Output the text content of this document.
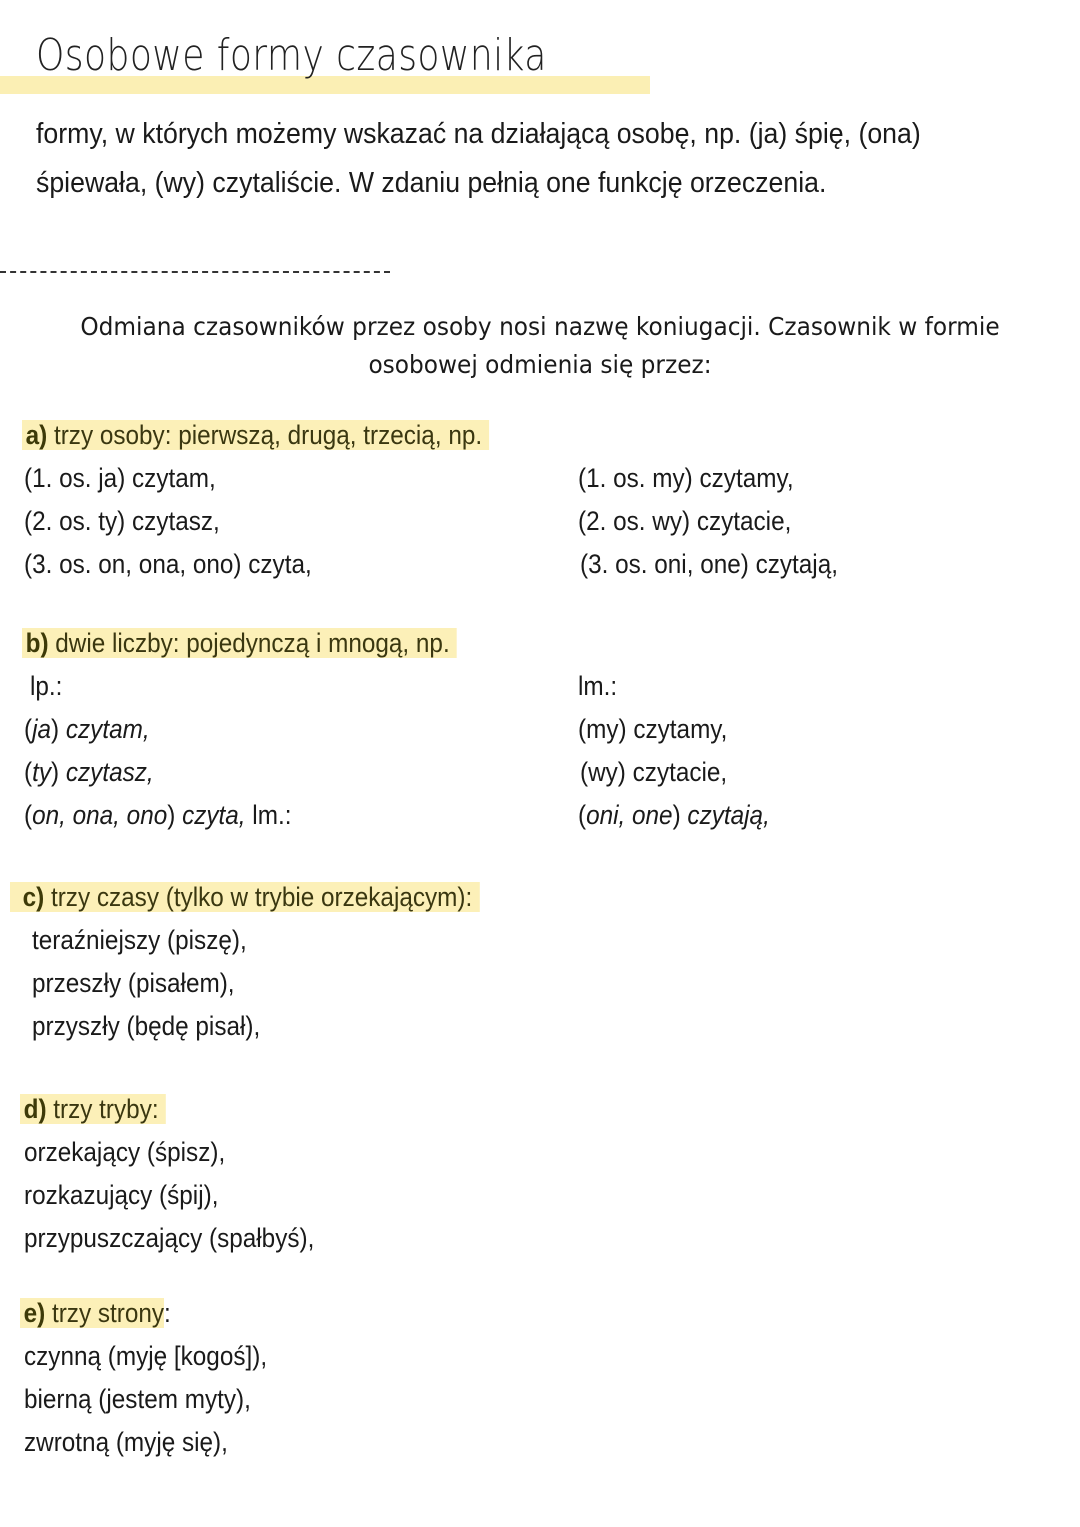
Osobowe formy czasownika
formy, w których możemy wskazać na działającą osobę, np. (ja) śpię, (ona) śpiewała, (wy) czytaliście. W zdaniu pełnią one funkcję orzeczenia.
Odmiana czasowników przez osoby nosi nazwę koniugacji. Czasownik w formie osobowej odmienia się przez:
a) trzy osoby: pierwszą, drugą, trzecią, np.
(1. os. ja) czytam,
(2. os. ty) czytasz,
(3. os. on, ona, ono) czyta,
(1. os. my) czytamy,
(2. os. wy) czytacie,
(3. os. oni, one) czytają,
b) dwie liczby: pojedynczą i mnogą, np.
lp.:	lm.:
(ja) czytam,
(ty) czytasz,
(on, ona, ono) czyta, lm.:
(my) czytamy,
(wy) czytacie,
(oni, one) czytają,
c) trzy czasy (tylko w trybie orzekającym):
teraźniejszy (piszę),
przeszły (pisałem),
przyszły (będę pisał),
d) trzy tryby:
orzekający (śpisz),
rozkazujący (śpij),
przypuszczający (spałbyś),
e) trzy strony:
czynną (myję [kogoś]),
bierną (jestem myty),
zwrotną (myję się),
